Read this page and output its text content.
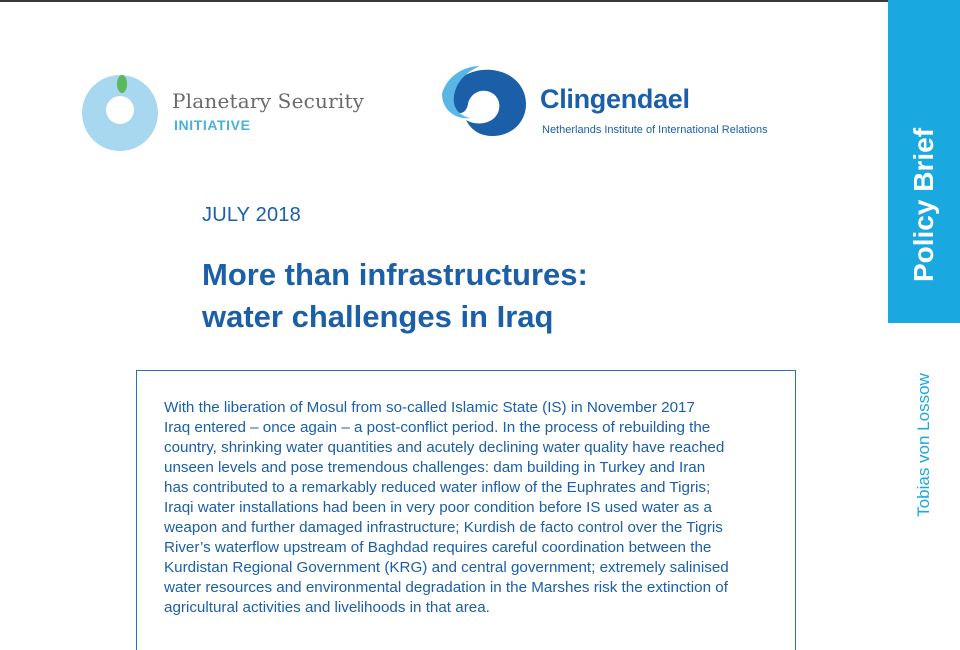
Planetary Security
INITIATIVE
Clingendael
Netherlands Institute of International Relations
JULY 2018
More than infrastructures:
water challenges in Iraq
With the liberation of Mosul from so-called Islamic State (IS) in November 2017
Iraq entered – once again – a post-conflict period. In the process of rebuilding the
country, shrinking water quantities and acutely declining water quality have reached
unseen levels and pose tremendous challenges: dam building in Turkey and Iran
has contributed to a remarkably reduced water inflow of the Euphrates and Tigris;
Iraqi water installations had been in very poor condition before IS used water as a
weapon and further damaged infrastructure; Kurdish de facto control over the Tigris
River’s waterflow upstream of Baghdad requires careful coordination between the
Kurdistan Regional Government (KRG) and central government; extremely salinised
water resources and environmental degradation in the Marshes risk the extinction of
agricultural activities and livelihoods in that area.
Policy Brief
Tobias von Lossow
